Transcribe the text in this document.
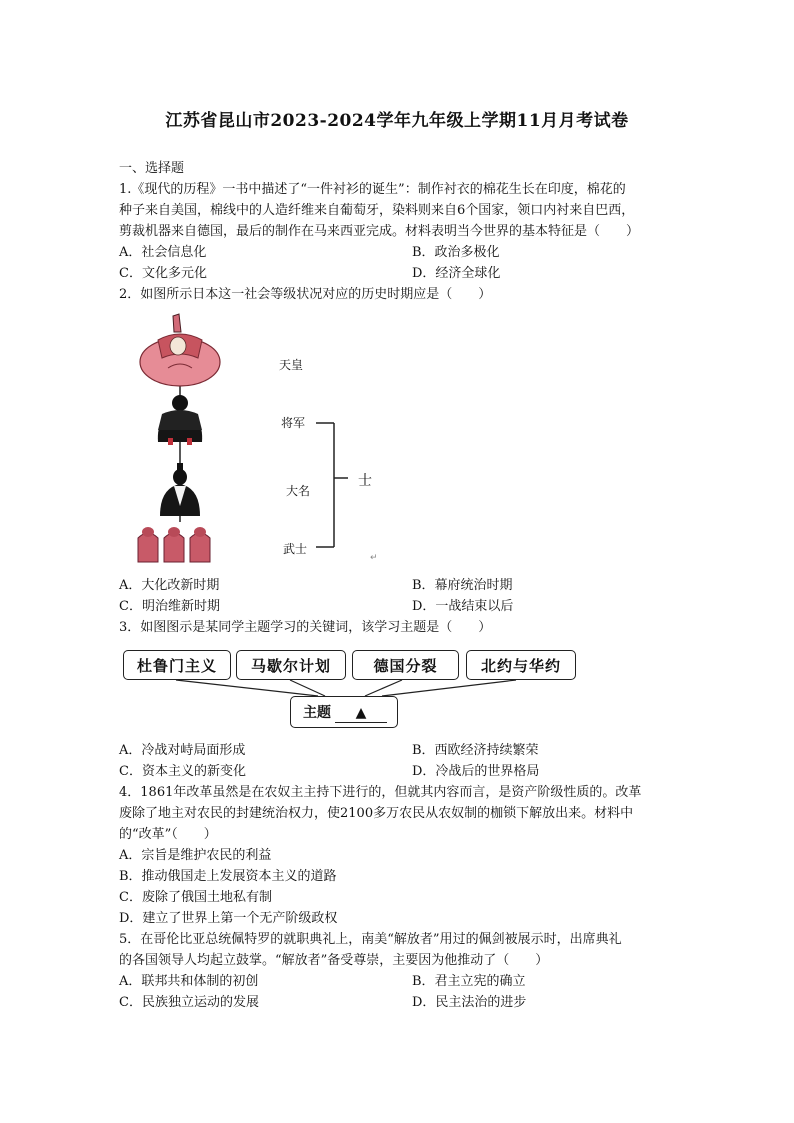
江苏省昆山市2023-2024学年九年级上学期11月月考试卷
一、选择题
1.《现代的历程》一书中描述了“一件衬衫的诞生”：制作衬衣的棉花生长在印度，棉花的
种子来自美国，棉线中的人造纤维来自葡萄牙，染料则来自6个国家，领口内衬来自巴西，
剪裁机器来自德国，最后的制作在马来西亚完成。材料表明当今世界的基本特征是（　　）
A．社会信息化	B．政治多极化
C．文化多元化	D．经济全球化
2．如图所示日本这一社会等级状况对应的历史时期应是（　　）
天皇
将军
大名
武士
士
↵
A．大化改新时期	B．幕府统治时期
C．明治维新时期	D．一战结束以后
3．如图图示是某同学主题学习的关键词，该学习主题是（　　）
杜鲁门主义	马歇尔计划	德国分裂	北约与华约
主题 ▲
A．冷战对峙局面形成	B．西欧经济持续繁荣
C．资本主义的新变化	D．冷战后的世界格局
4．1861年改革虽然是在农奴主主持下进行的，但就其内容而言，是资产阶级性质的。改革
废除了地主对农民的封建统治权力，使2100多万农民从农奴制的枷锁下解放出来。材料中
的“改革”（　　）
A．宗旨是维护农民的利益
B．推动俄国走上发展资本主义的道路
C．废除了俄国土地私有制
D．建立了世界上第一个无产阶级政权
5．在哥伦比亚总统佩特罗的就职典礼上，南美“解放者”用过的佩剑被展示时，出席典礼
的各国领导人均起立鼓掌。“解放者”备受尊崇，主要因为他推动了（　　）
A．联邦共和体制的初创	B．君主立宪的确立
C．民族独立运动的发展	D．民主法治的进步
